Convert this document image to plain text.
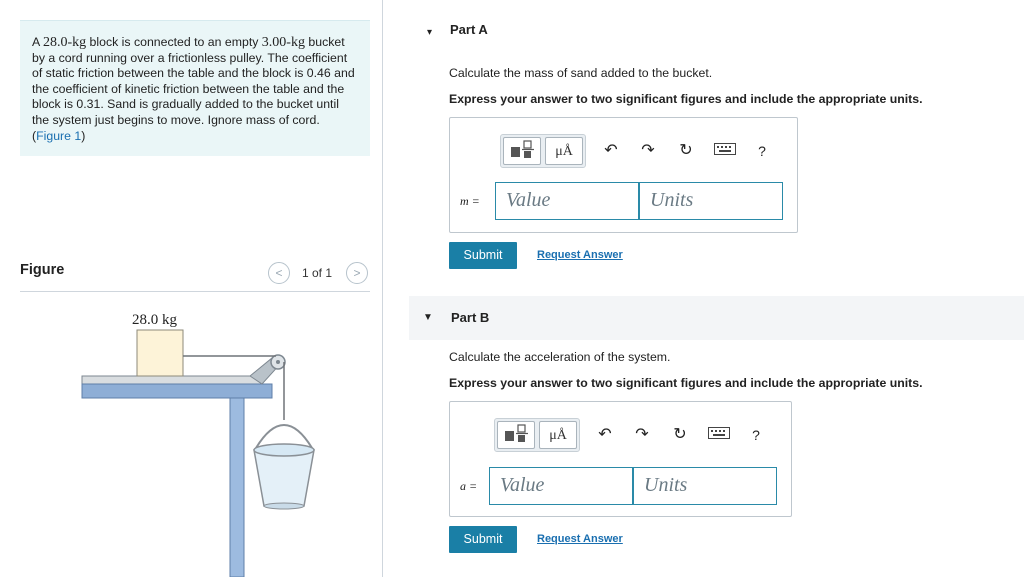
A 28.0-kg block is connected to an empty 3.00-kg bucket by a cord running over a frictionless pulley. The coefficient of static friction between the table and the block is 0.46 and the coefficient of kinetic friction between the table and the block is 0.31. Sand is gradually added to the bucket until the system just begins to move. Ignore mass of cord. (Figure 1)
Figure	<	1 of 1	>
28.0 kg
▾ Part A
Calculate the mass of sand added to the bucket.
Express your answer to two significant figures and include the appropriate units.
μÅ	↶ ↷ ↻	?
m =	Value	Units
Submit	Request Answer
▼ Part B
Calculate the acceleration of the system.
Express your answer to two significant figures and include the appropriate units.
μÅ	↶ ↷ ↻	?
a =	Value	Units
Submit	Request Answer
